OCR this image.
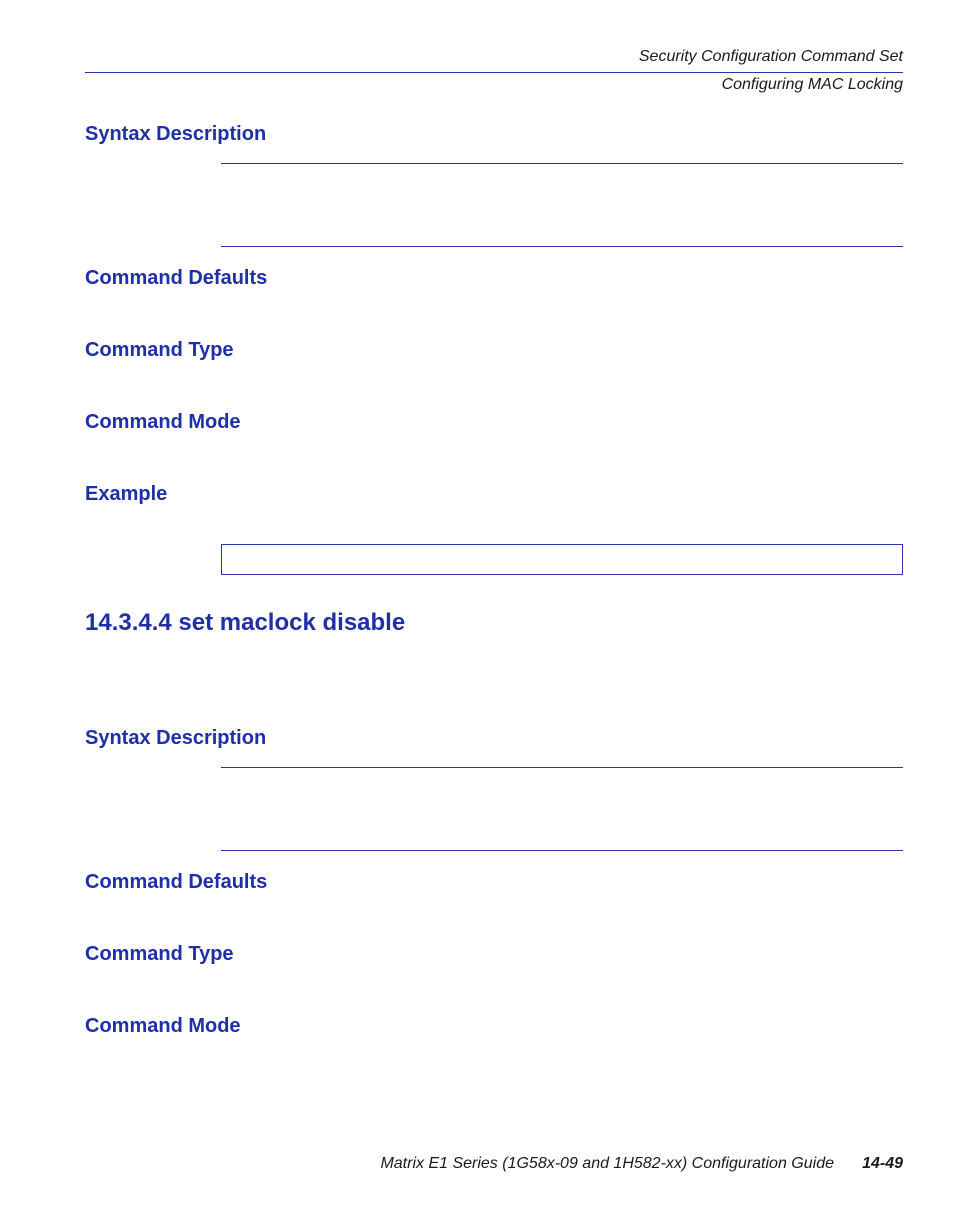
Security Configuration Command Set
Configuring MAC Locking
Syntax Description
Command Defaults
Command Type
Command Mode
Example
14.3.4.4 set maclock disable
Syntax Description
Command Defaults
Command Type
Command Mode
Matrix E1 Series (1G58x-09 and 1H582-xx) Configuration Guide 14-49
